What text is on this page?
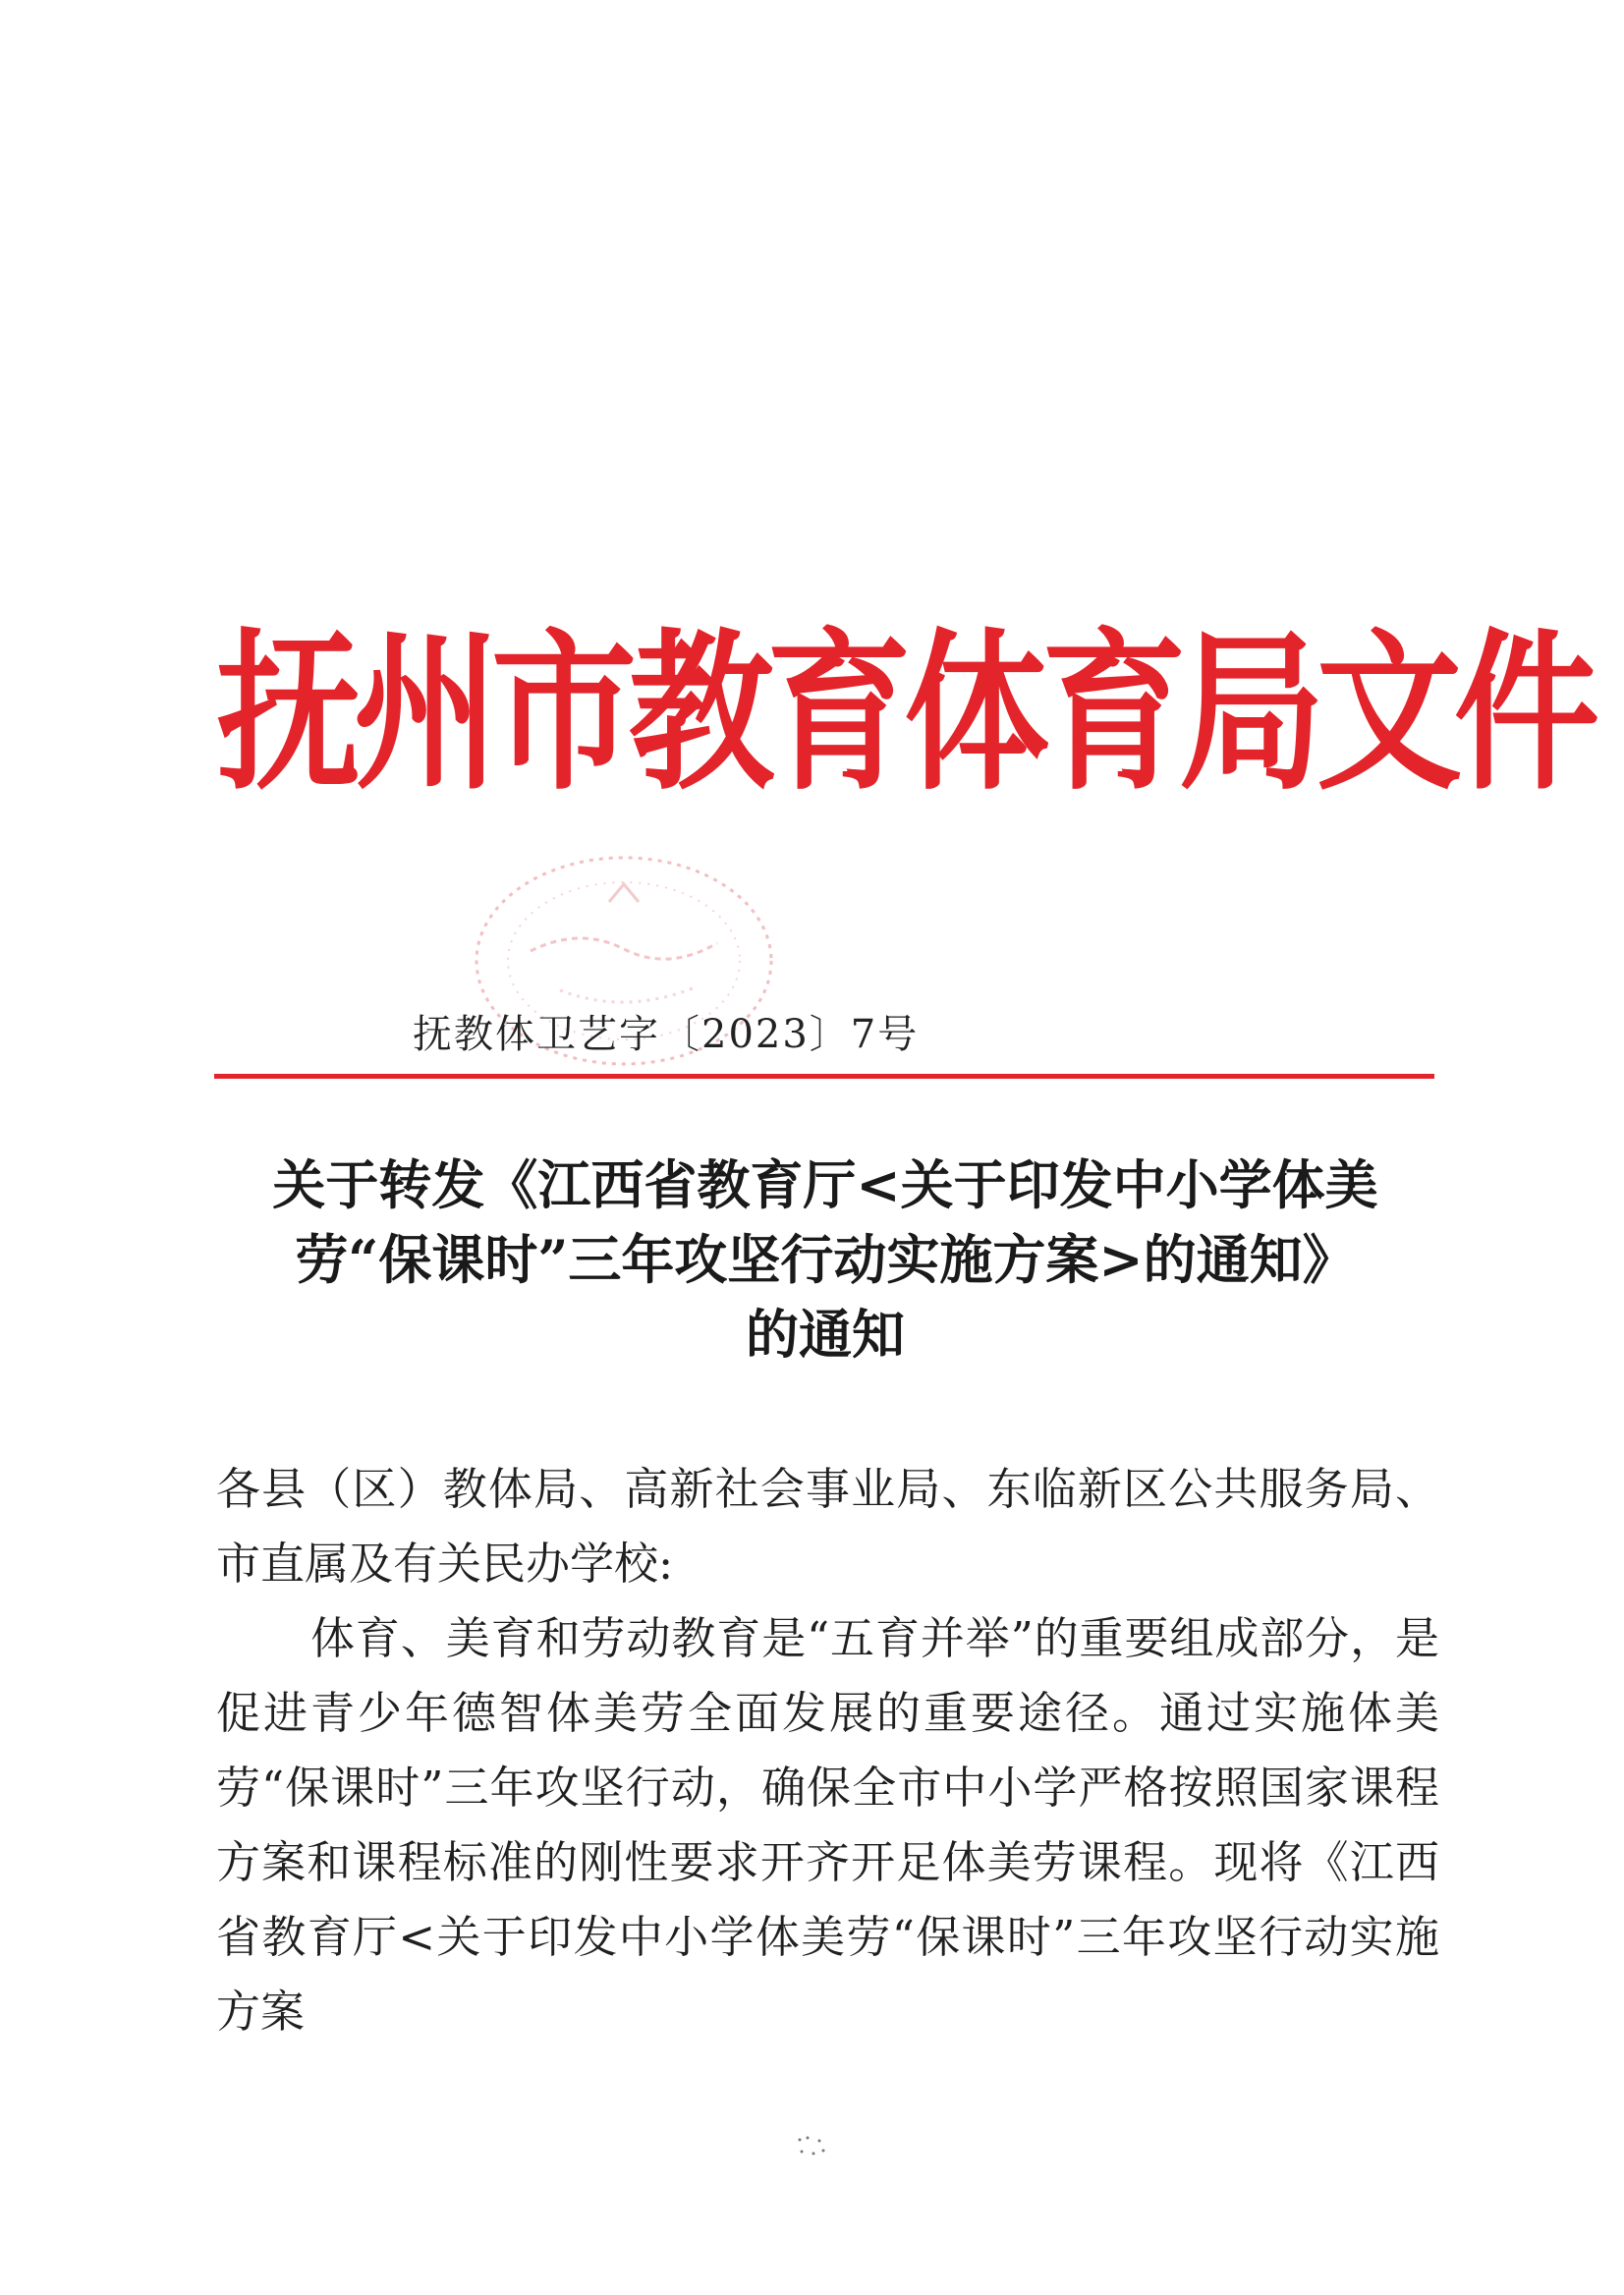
抚州市教育体育局文件
抚教体卫艺字〔2023〕7号
关于转发《江西省教育厅<关于印发中小学体美
劳“保课时”三年攻坚行动实施方案>的通知》
的通知

各县（区）教体局、高新社会事业局、东临新区公共服务局、市直属及有关民办学校:

体育、美育和劳动教育是“五育并举”的重要组成部分，是促进青少年德智体美劳全面发展的重要途径。通过实施体美劳“保课时”三年攻坚行动，确保全市中小学严格按照国家课程方案和课程标准的刚性要求开齐开足体美劳课程。现将《江西省教育厅<关于印发中小学体美劳“保课时”三年攻坚行动实施方案
